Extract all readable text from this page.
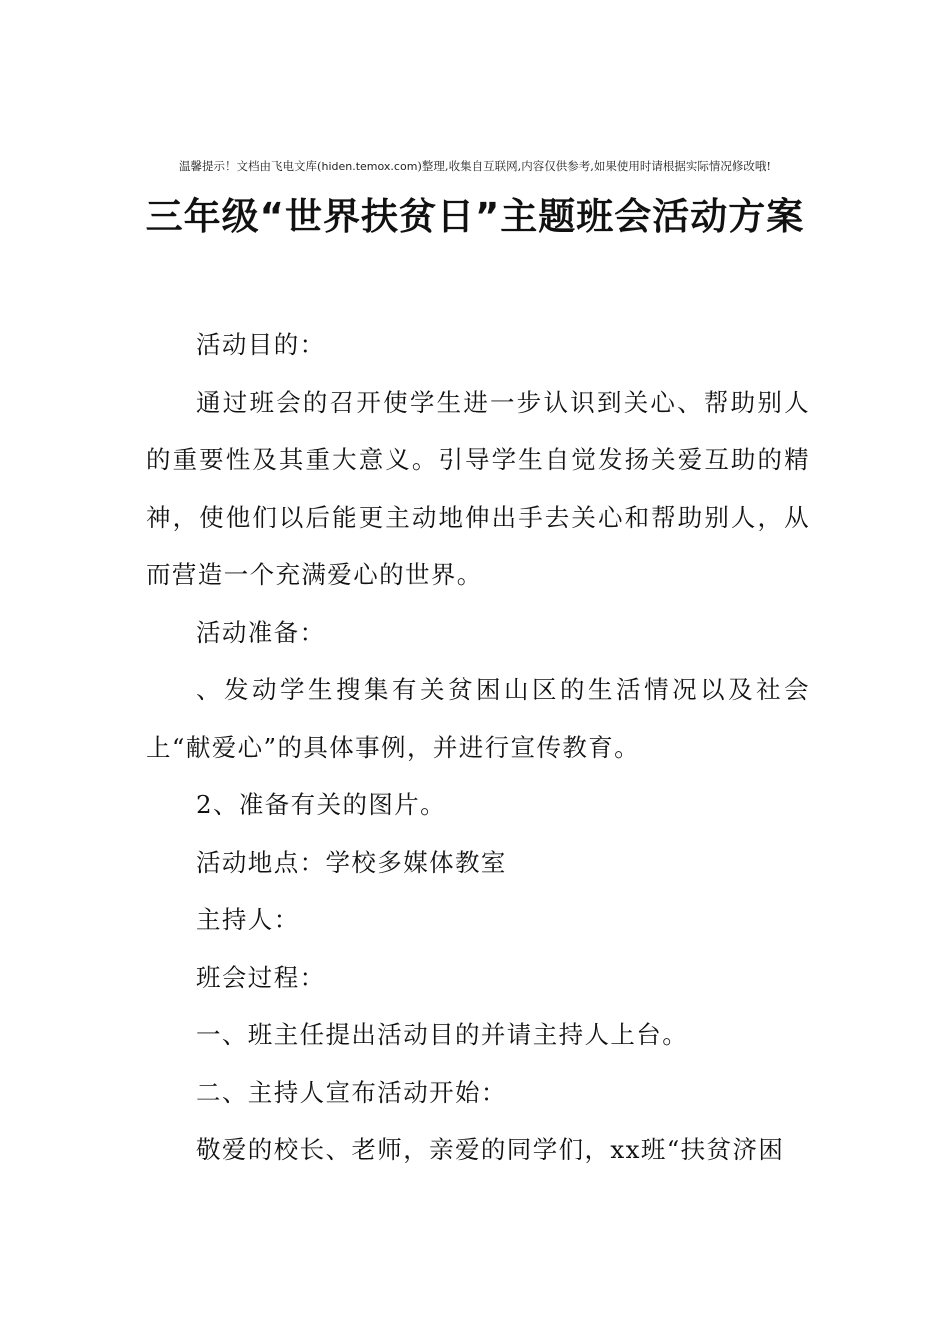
温馨提示！文档由飞电文库(hiden.temox.com)整理,收集自互联网,内容仅供参考,如果使用时请根据实际情况修改哦!
三年级“世界扶贫日”主题班会活动方案

活动目的：

通过班会的召开使学生进一步认识到关心、帮助别人的重要性及其重大意义。引导学生自觉发扬关爱互助的精神，使他们以后能更主动地伸出手去关心和帮助别人，从而营造一个充满爱心的世界。

活动准备：

、发动学生搜集有关贫困山区的生活情况以及社会上“献爱心”的具体事例，并进行宣传教育。

2、准备有关的图片。

活动地点：学校多媒体教室

主持人：

班会过程：

一、班主任提出活动目的并请主持人上台。

二、主持人宣布活动开始：

敬爱的校长、老师，亲爱的同学们，xx班“扶贫济困
